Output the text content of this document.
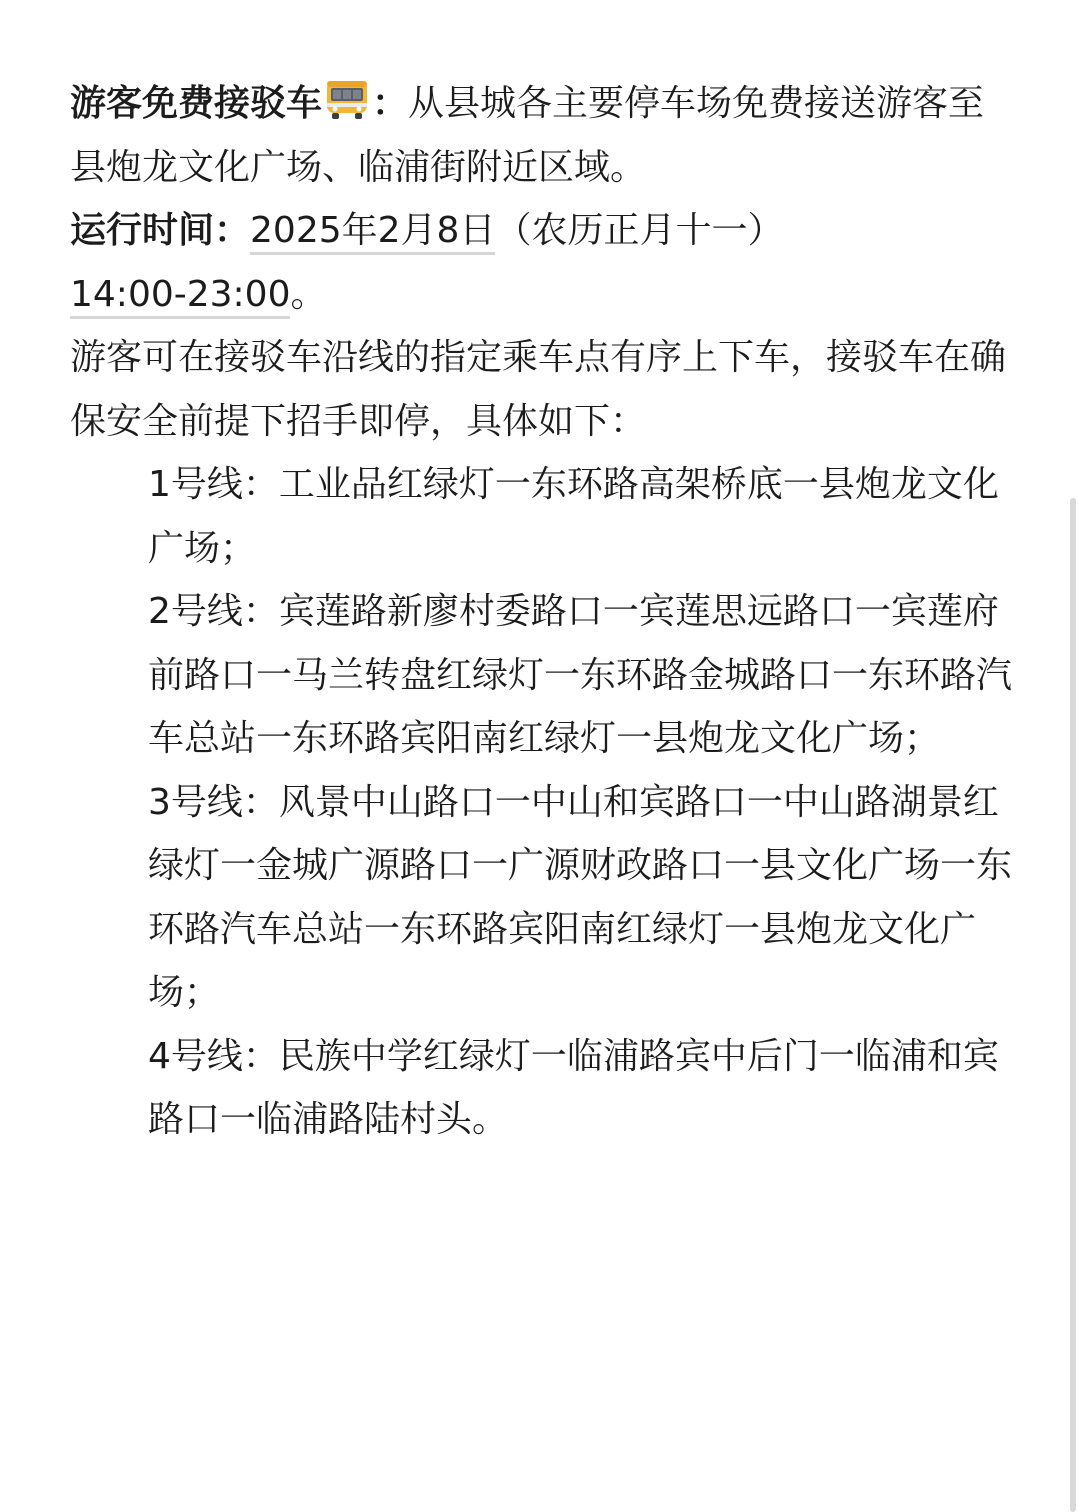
游客免费接驳车 ：从县城各主要停车场免费接送游客至县炮龙文化广场、临浦街附近区域。

运行时间：2025年2月8日（农历正月十一）
14:00-23:00。

游客可在接驳车沿线的指定乘车点有序上下车，接驳车在确保安全前提下招手即停，具体如下：

1号线：工业品红绿灯一东环路高架桥底一县炮龙文化广场；

2号线：宾莲路新廖村委路口一宾莲思远路口一宾莲府前路口一马兰转盘红绿灯一东环路金城路口一东环路汽车总站一东环路宾阳南红绿灯一县炮龙文化广场；

3号线：风景中山路口一中山和宾路口一中山路湖景红绿灯一金城广源路口一广源财政路口一县文化广场一东环路汽车总站一东环路宾阳南红绿灯一县炮龙文化广场；

4号线：民族中学红绿灯一临浦路宾中后门一临浦和宾路口一临浦路陆村头。
